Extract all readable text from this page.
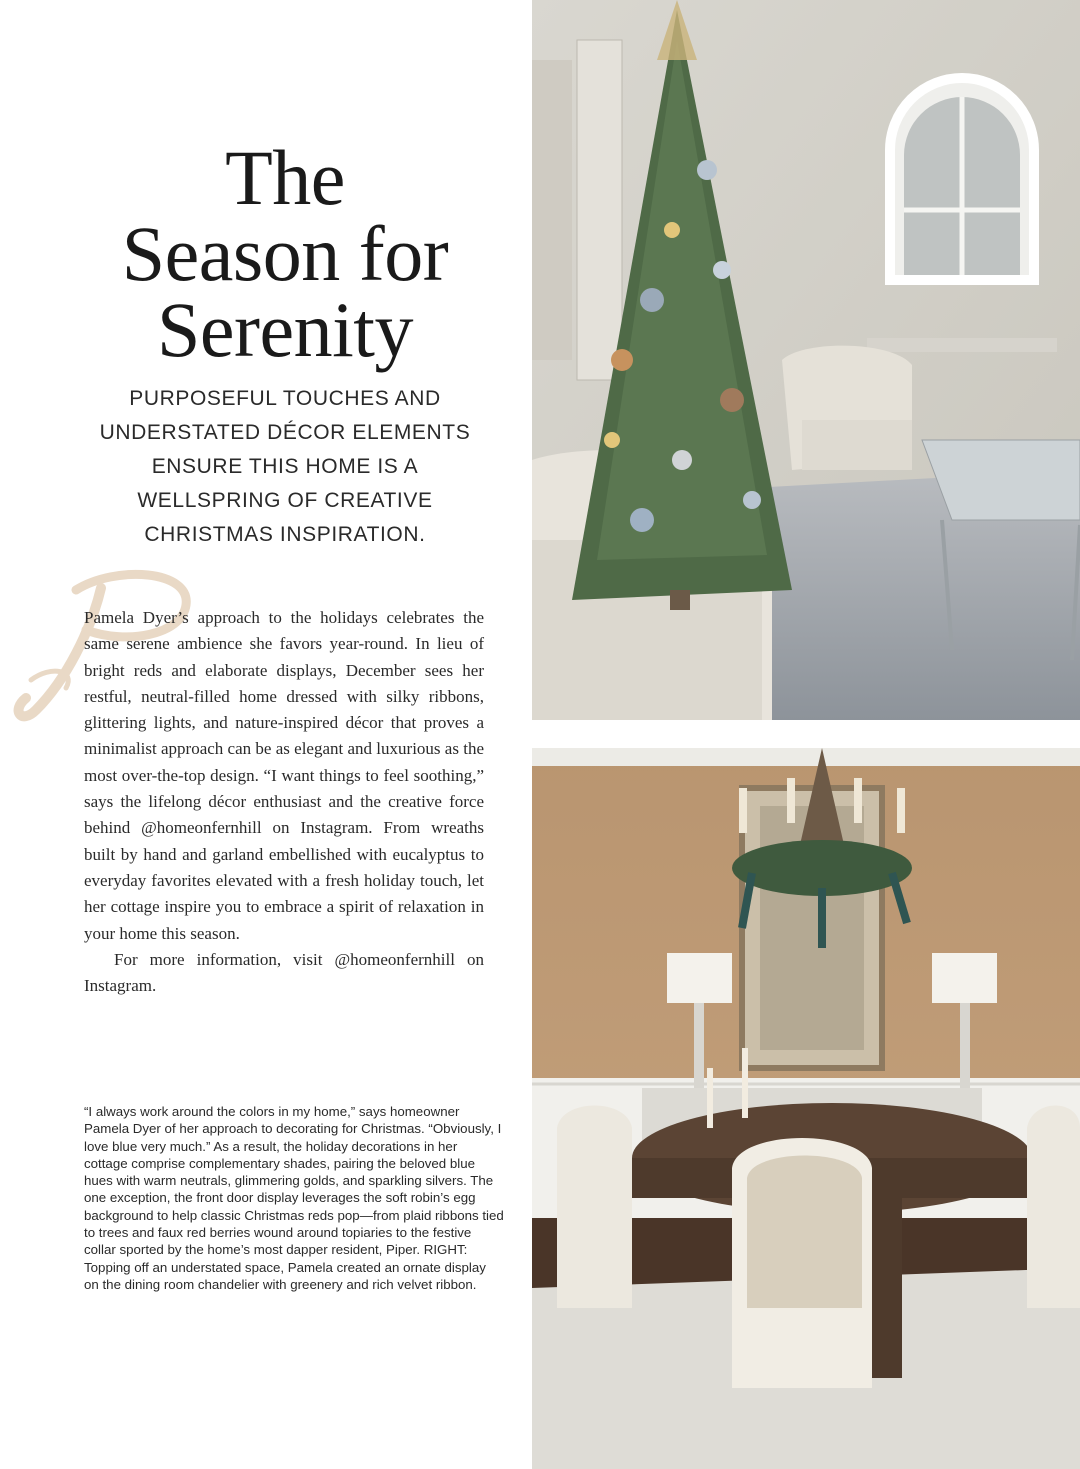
The
Season for
Serenity
PURPOSEFUL TOUCHES AND
UNDERSTATED DÉCOR ELEMENTS
ENSURE THIS HOME IS A
WELLSPRING OF CREATIVE
CHRISTMAS INSPIRATION.

Pamela Dyer’s approach to the holidays celebrates the same serene ambience she favors year-round. In lieu of bright reds and elaborate displays, December sees her restful, neutral-filled home dressed with silky ribbons, glittering lights, and nature-inspired décor that proves a minimalist approach can be as elegant and luxurious as the most over-the-top design. “I want things to feel soothing,” says the lifelong décor enthusiast and the creative force behind @homeonfernhill on Instagram. From wreaths built by hand and garland embellished with eucalyptus to everyday favorites elevated with a fresh holiday touch, let her cottage inspire you to embrace a spirit of relaxation in your home this season.

For more information, visit @homeonfernhill on Instagram.

“I always work around the colors in my home,” says homeowner Pamela Dyer of her approach to decorating for Christmas. “Obviously, I love blue very much.” As a result, the holiday decorations in her cottage comprise complementary shades, pairing the beloved blue hues with warm neutrals, glimmering golds, and sparkling silvers. The one exception, the front door display leverages the soft robin’s egg background to help classic Christmas reds pop—from plaid ribbons tied to trees and faux red berries wound around topiaries to the festive collar sported by the home’s most dapper resident, Piper. RIGHT: Topping off an understated space, Pamela created an ornate display on the dining room chandelier with greenery and rich velvet ribbon.
